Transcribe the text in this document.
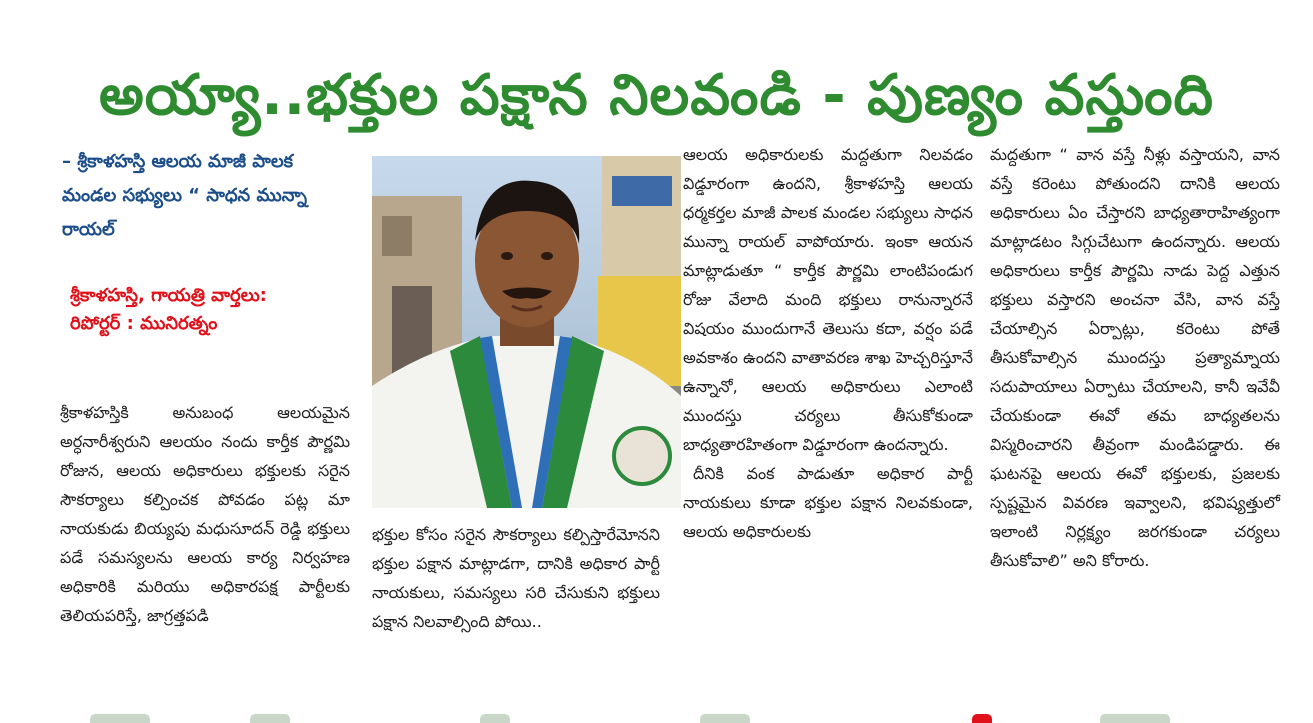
అయ్యా..భక్తుల పక్షాన నిలవండి - పుణ్యం వస్తుంది
– శ్రీకాళహస్తి ఆలయ మాజీ పాలక మండల సభ్యులు “ సాధన మున్నా రాయల్

శ్రీకాళహస్తి, గాయత్రి వార్తలు:

రిపోర్టర్ : మునిరత్నం

శ్రీకాళహస్తికి అనుబంధ ఆలయమైన అర్ధనారీశ్వరుని ఆలయం నందు కార్తీక పౌర్ణమి రోజున, ఆలయ అధికారులు భక్తులకు సరైన సౌకర్యాలు కల్పించక పోవడం పట్ల మా నాయకుడు బియ్యపు మధుసూదన్ రెడ్డి భక్తులు పడే సమస్యలను ఆలయ కార్య నిర్వహణ అధికారికి మరియు అధికారపక్ష పార్టీలకు తెలియపరిస్తే, జాగ్రత్తపడి
భక్తుల కోసం సరైన సౌకర్యాలు కల్పిస్తారేమోనని భక్తుల పక్షాన మాట్లాడగా, దానికి అధికార పార్టీ నాయకులు, సమస్యలు సరి చేసుకుని భక్తులు పక్షాన నిలవాల్సింది పోయి..

ఆలయ అధికారులకు మద్దతుగా నిలవడం విడ్డూరంగా ఉందని, శ్రీకాళహస్తి ఆలయ ధర్మకర్తల మాజీ పాలక మండల సభ్యులు సాధన మున్నా రాయల్ వాపోయారు. ఇంకా ఆయన మాట్లాడుతూ “ కార్తీక పౌర్ణమి లాంటిపండుగ రోజు వేలాది మంది భక్తులు రానున్నారనే విషయం ముందుగానే తెలుసు కదా, వర్షం పడే అవకాశం ఉందని వాతావరణ శాఖ హెచ్చరిస్తూనే ఉన్నానో, ఆలయ అధికారులు ఎలాంటి ముందస్తు చర్యలు తీసుకోకుండా బాధ్యతారహితంగా విడ్డూరంగా ఉందన్నారు.

దీనికి వంక పాడుతూ అధికార పార్టీ నాయకులు కూడా భక్తుల పక్షాన నిలవకుండా, ఆలయ అధికారులకు

మద్దతుగా “ వాన వస్తే నీళ్లు వస్తాయని, వాన వస్తే కరెంటు పోతుందని దానికి ఆలయ అధికారులు ఏం చేస్తారని బాధ్యతారాహిత్యంగా మాట్లాడటం సిగ్గుచేటుగా ఉందన్నారు. ఆలయ అధికారులు కార్తీక పౌర్ణమి నాడు పెద్ద ఎత్తున భక్తులు వస్తారని అంచనా వేసి, వాన వస్తే చేయాల్సిన ఏర్పాట్లు, కరెంటు పోతే తీసుకోవాల్సిన ముందస్తు ప్రత్యామ్నాయ సదుపాయాలు ఏర్పాటు చేయాలని, కానీ ఇవేవీ చేయకుండా ఈవో తమ బాధ్యతలను విస్మరించారని తీవ్రంగా మండిపడ్డారు. ఈ ఘటనపై ఆలయ ఈవో భక్తులకు, ప్రజలకు స్పష్టమైన వివరణ ఇవ్వాలని, భవిష్యత్తులో ఇలాంటి నిర్లక్ష్యం జరగకుండా చర్యలు తీసుకోవాలి” అని కోరారు.
